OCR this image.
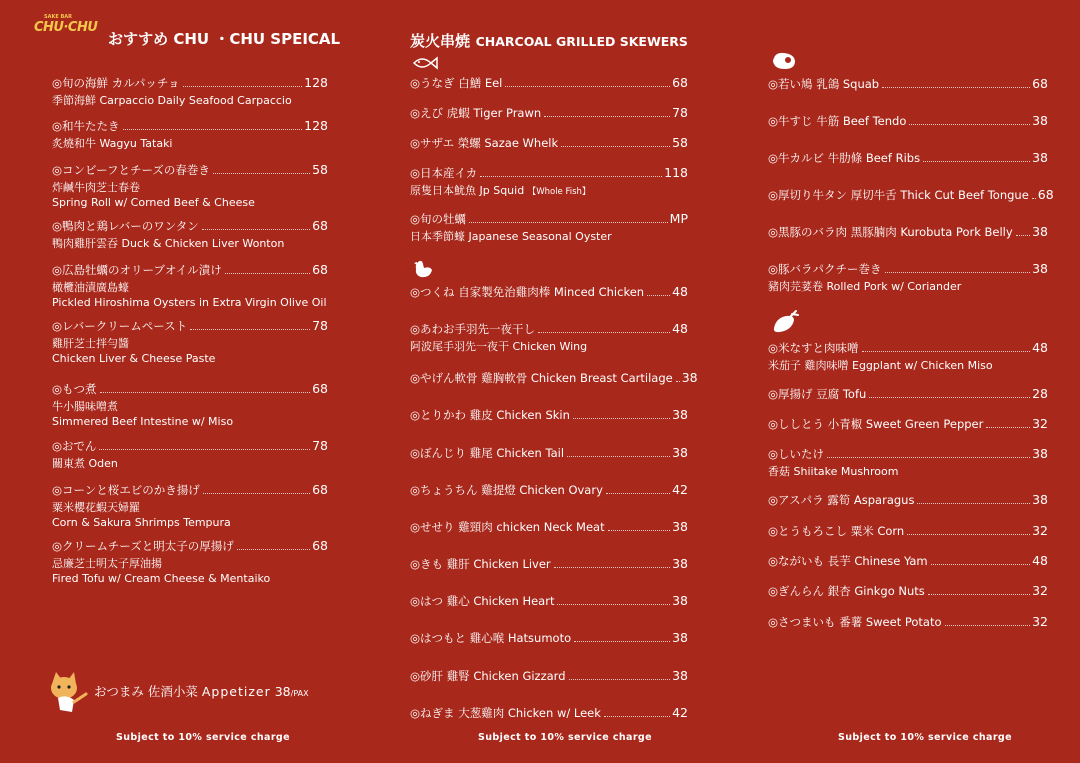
SAKE BAR
CHU·CHU
おすすめ CHU ・CHU SPEICAL
◎旬の海鮮 カルパッチョ	128
季節海鮮 Carpaccio Daily Seafood Carpaccio
◎和牛たたき	128
炙燒和牛 Wagyu Tataki
◎コンビーフとチーズの春巻き	58
炸鹹牛肉芝士春卷
Spring Roll w/ Corned Beef & Cheese
◎鴨肉と鶏レバーのワンタン	68
鴨肉雞肝雲吞 Duck & Chicken Liver Wonton
◎広島牡蠣のオリーブオイル漬け	68
橄欖油漬廣島蠔
Pickled Hiroshima Oysters in Extra Virgin Olive Oil
◎レバークリームペースト	78
雞肝芝士拌勻醬
Chicken Liver & Cheese Paste
◎もつ煮	68
牛小腸味噌煮
Simmered Beef Intestine w/ Miso
◎おでん	78
關東煮 Oden
◎コーンと桜エビのかき揚げ	68
粟米櫻花蝦天婦羅
Corn & Sakura Shrimps Tempura
◎クリームチーズと明太子の厚揚げ	68
忌廉芝士明太子厚油揚
Fired Tofu w/ Cream Cheese & Mentaiko
おつまみ 佐酒小菜 Appetizer 38/PAX
Subject to 10% service charge
炭火串焼 CHARCOAL GRILLED SKEWERS
◎うなぎ 白鱔 Eel	68
◎えび 虎蝦 Tiger Prawn	78
◎サザエ 榮螺 Sazae Whelk	58
◎日本産イカ	118
原隻日本魷魚 Jp Squid 【Whole Fish】
◎旬の牡蠣	MP
日本季節蠔 Japanese Seasonal Oyster
◎つくね 自家製免治雞肉棒 Minced Chicken 48
◎あわお手羽先一夜干し	48
阿波尾手羽先一夜干 Chicken Wing
◎やげん軟骨 雞胸軟骨 Chicken Breast Cartilage 38
◎とりかわ 雞皮 Chicken Skin	38
◎ぼんじり 雞尾 Chicken Tail	38
◎ちょうちん 雞提燈 Chicken Ovary	42
◎せせり 雞頸肉 chicken Neck Meat	38
◎きも 雞肝 Chicken Liver	38
◎はつ 雞心 Chicken Heart	38
◎はつもと 雞心喉 Hatsumoto	38
◎砂肝 雞腎 Chicken Gizzard	38
◎ねぎま 大葱雞肉 Chicken w/ Leek	42
Subject to 10% service charge
◎若い鳩 乳鴿 Squab	68
◎牛すじ 牛筋 Beef Tendo	38
◎牛カルビ 牛肋條 Beef Ribs	38
◎厚切り牛タン 厚切牛舌 Thick Cut Beef Tongue 68
◎黒豚のバラ肉 黑豚腩肉 Kurobuta Pork Belly 38
◎豚バラパクチー巻き	38
豬肉芫荽卷 Rolled Pork w/ Coriander
◎米なすと肉味噌	48
米茄子 雞肉味噌 Eggplant w/ Chicken Miso
◎厚揚げ 豆腐 Tofu	28
◎ししとう 小青椒 Sweet Green Pepper	32
◎しいたけ	38
香菇 Shiitake Mushroom
◎アスパラ 露筍 Asparagus	38
◎とうもろこし 粟米 Corn	32
◎ながいも 長芋 Chinese Yam	48
◎ぎんらん 銀杏 Ginkgo Nuts	32
◎さつまいも 番薯 Sweet Potato	32
Subject to 10% service charge
